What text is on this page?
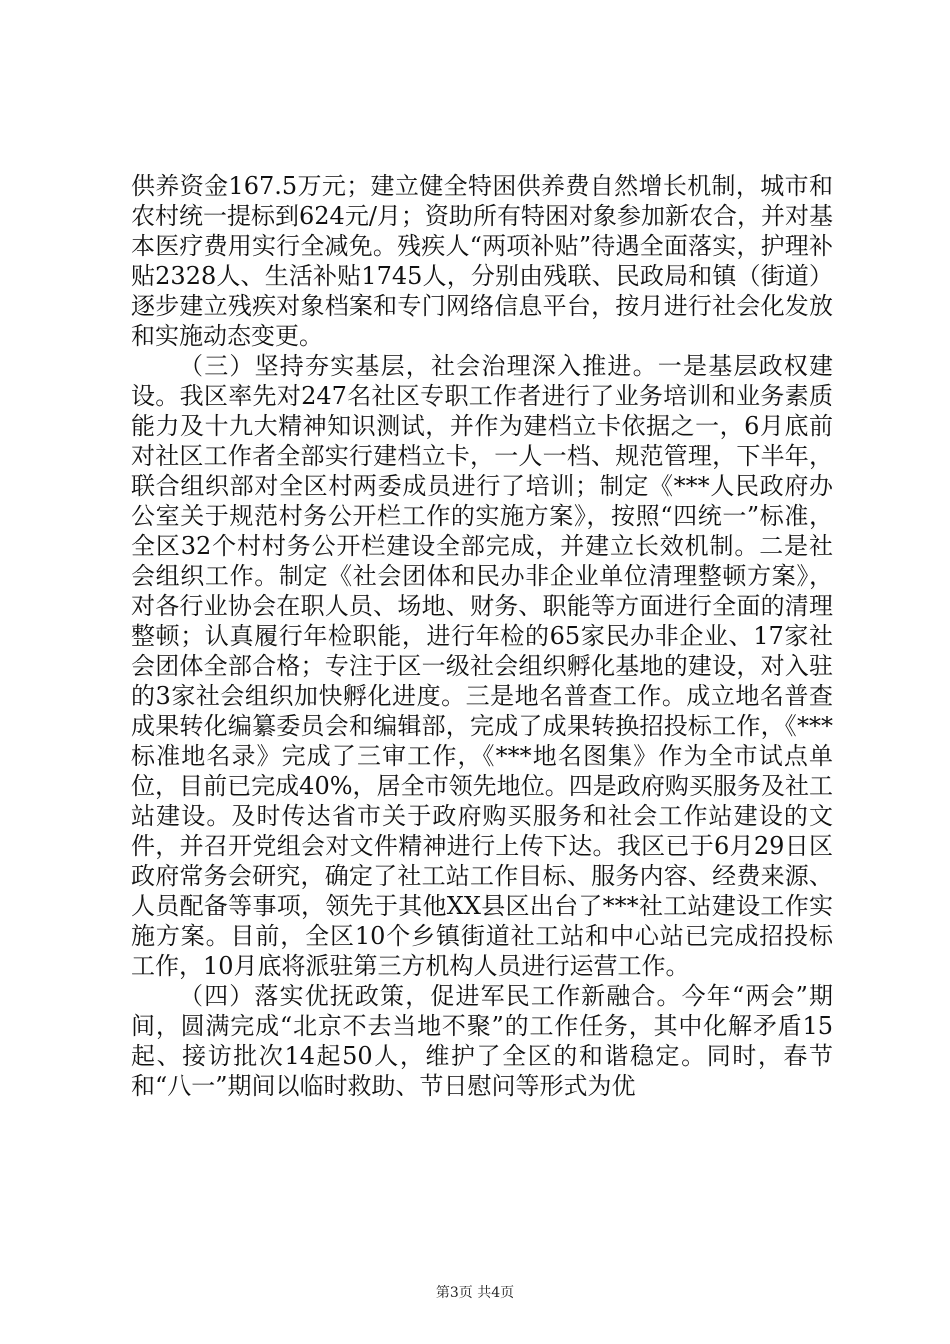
供养资金167.5万元；建立健全特困供养费自然增长机制，城市和农村统一提标到624元/月；资助所有特困对象参加新农合，并对基本医疗费用实行全减免。残疾人“两项补贴”待遇全面落实，护理补贴2328人、生活补贴1745人，分别由残联、民政局和镇（街道）逐步建立残疾对象档案和专门网络信息平台，按月进行社会化发放和实施动态变更。

（三）坚持夯实基层，社会治理深入推进。一是基层政权建设。我区率先对247名社区专职工作者进行了业务培训和业务素质能力及十九大精神知识测试，并作为建档立卡依据之一，6月底前对社区工作者全部实行建档立卡，一人一档、规范管理，下半年，联合组织部对全区村两委成员进行了培训；制定《***人民政府办公室关于规范村务公开栏工作的实施方案》，按照“四统一”标准，全区32个村村务公开栏建设全部完成，并建立长效机制。二是社会组织工作。制定《社会团体和民办非企业单位清理整顿方案》，对各行业协会在职人员、场地、财务、职能等方面进行全面的清理整顿；认真履行年检职能，进行年检的65家民办非企业、17家社会团体全部合格；专注于区一级社会组织孵化基地的建设，对入驻的3家社会组织加快孵化进度。三是地名普查工作。成立地名普查成果转化编纂委员会和编辑部，完成了成果转换招投标工作，《***标准地名录》完成了三审工作，《***地名图集》作为全市试点单位，目前已完成40%，居全市领先地位。四是政府购买服务及社工站建设。及时传达省市关于政府购买服务和社会工作站建设的文件，并召开党组会对文件精神进行上传下达。我区已于6月29日区政府常务会研究，确定了社工站工作目标、服务内容、经费来源、人员配备等事项，领先于其他XX县区出台了***社工站建设工作实施方案。目前，全区10个乡镇街道社工站和中心站已完成招投标工作，10月底将派驻第三方机构人员进行运营工作。

（四）落实优抚政策，促进军民工作新融合。今年“两会”期间，圆满完成“北京不去当地不聚”的工作任务，其中化解矛盾15起、接访批次14起50人，维护了全区的和谐稳定。同时，春节和“八一”期间以临时救助、节日慰问等形式为优

第3页 共4页
